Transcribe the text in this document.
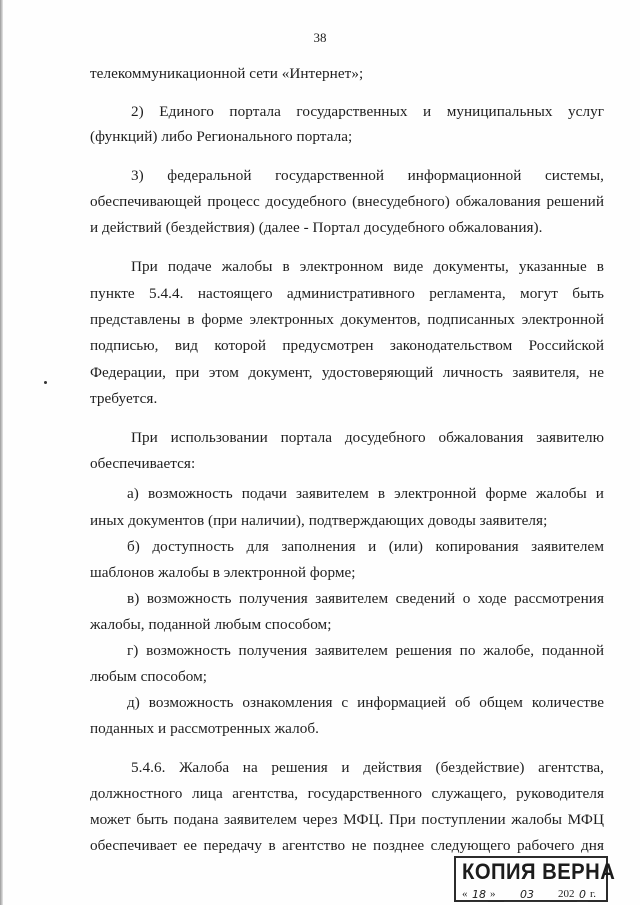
38
телекоммуникационной сети «Интернет»;
2) Единого портала государственных и муниципальных услуг
(функций) либо Регионального портала;
3) федеральной государственной информационной системы,
обеспечивающей процесс досудебного (внесудебного) обжалования решений
и действий (бездействия) (далее - Портал досудебного обжалования).
При подаче жалобы в электронном виде документы, указанные в
пункте 5.4.4. настоящего административного регламента, могут быть
представлены в форме электронных документов, подписанных электронной
подписью, вид которой предусмотрен законодательством Российской
Федерации, при этом документ, удостоверяющий личность заявителя, не
требуется.
При использовании портала досудебного обжалования заявителю
обеспечивается:
а) возможность подачи заявителем в электронной форме жалобы и
иных документов (при наличии), подтверждающих доводы заявителя;
б) доступность для заполнения и (или) копирования заявителем
шаблонов жалобы в электронной форме;
в) возможность получения заявителем сведений о ходе рассмотрения
жалобы, поданной любым способом;
г) возможность получения заявителем решения по жалобе, поданной
любым способом;
д) возможность ознакомления с информацией об общем количестве
поданных и рассмотренных жалоб.
5.4.6. Жалоба на решения и действия (бездействие) агентства,
должностного лица агентства, государственного служащего, руководителя
может быть подана заявителем через МФЦ. При поступлении жалобы МФЦ
обеспечивает ее передачу в агентство не позднее следующего рабочего дня
КОПИЯ ВЕРНА
« 18 »	03	202 0 г.
